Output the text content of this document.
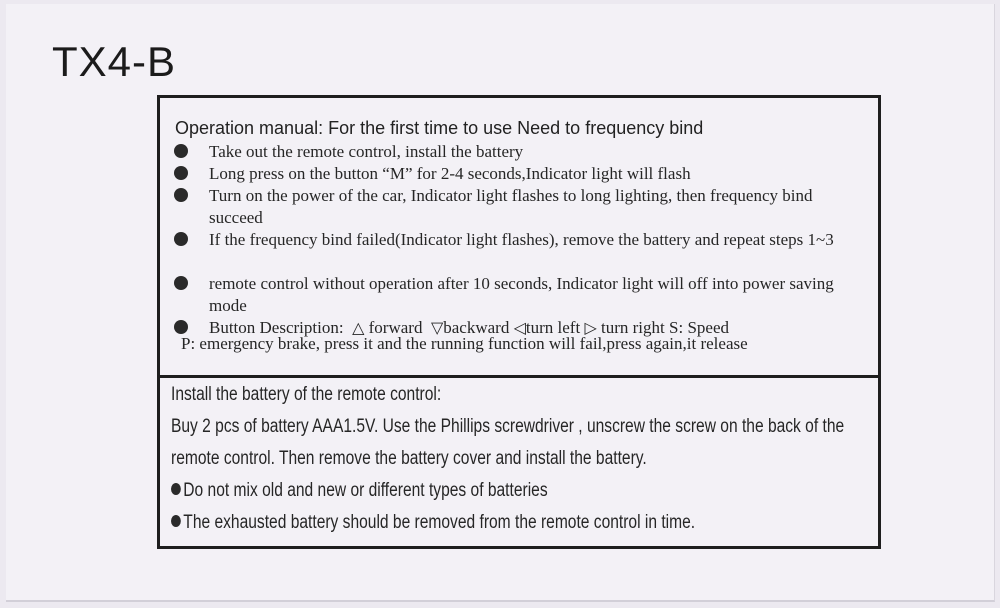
TX4-B
Operation manual: For the first time to use Need to frequency bind
Take out the remote control, install the battery
Long press on the button “M” for 2-4 seconds,Indicator light will flash
Turn on the power of the car, Indicator light flashes to long lighting, then frequency bind succeed
If the frequency bind failed(Indicator light flashes), remove the battery and repeat steps 1~3
remote control without operation after 10 seconds, Indicator light will off into power saving mode
Button Description: △ forward ▽backward ◁turn left ▷ turn right S: Speed
P: emergency brake, press it and the running function will fail,press again,it release
Install the battery of the remote control:
Buy 2 pcs of battery AAA1.5V. Use the Phillips screwdriver , unscrew the screw on the back of the
remote control. Then remove the battery cover and install the battery.
Do not mix old and new or different types of batteries
The exhausted battery should be removed from the remote control in time.
